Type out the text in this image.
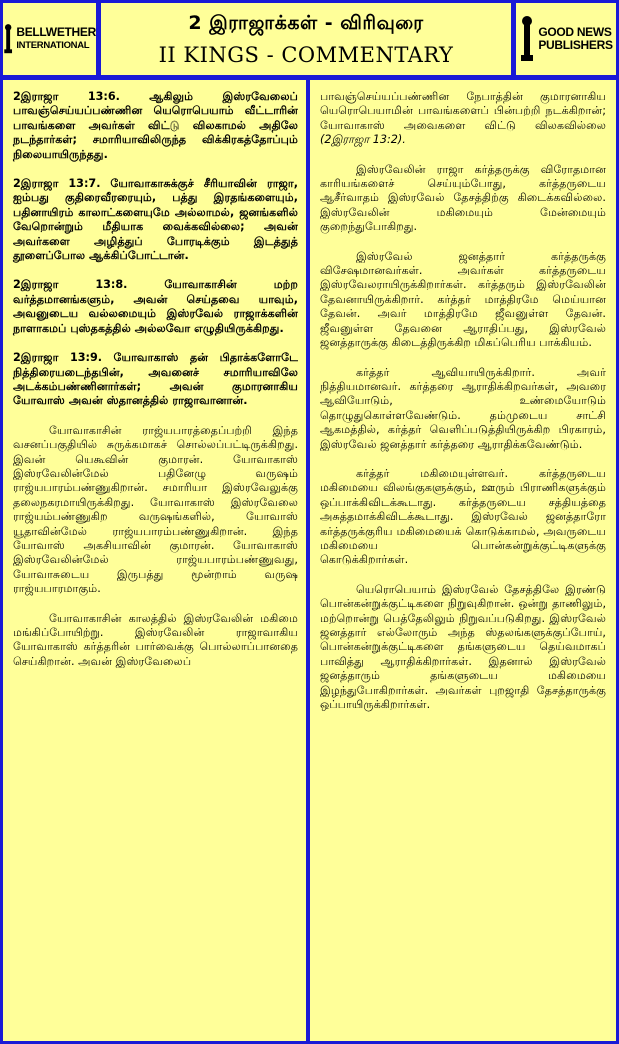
BELLWETHER
INTERNATIONAL
2 இராஜாக்கள் - விரிவுரை
II KINGS - COMMENTARY
GOOD NEWS
PUBLISHERS

2இராஜா 13:6. ஆகிலும் இஸ்ரவேலைப் பாவஞ்செய்யப்பண்ணின யெரொபெயாம் வீட்டாரின் பாவங்களை அவர்கள் விட்டு விலகாமல் அதிலே நடந்தார்கள்; சமாரியாவிலிருந்த விக்கிரகத்தோப்பும் நிலையாயிருந்தது.

2இராஜா 13:7. யோவாகாசுக்குச் சீரியாவின் ராஜா, ஐம்பது குதிரைவீரரையும், பத்து இரதங்களையும், பதினாயிரம் காலாட்களையுமே அல்லாமல், ஜனங்களில் வேறொன்றும் மீதியாக வைக்கவில்லை; அவன் அவர்களை அழித்துப் போரடிக்கும் இடத்துத் தூளைப்போல ஆக்கிப்போட்டான்.

2இராஜா 13:8. யோவாகாசின் மற்ற வர்த்தமானங்களும், அவன் செய்தவை யாவும், அவனுடைய வல்லமையும் இஸ்ரவேல் ராஜாக்களின் நாளாகமப் புஸ்தகத்தில் அல்லவோ எழுதியிருக்கிறது.

2இராஜா 13:9. யோவாகாஸ் தன் பிதாக்களோடே நித்திரையடைந்தபின், அவனைச் சமாரியாவிலே அடக்கம்பண்ணினார்கள்; அவன் குமாரனாகிய யோவாஸ் அவன் ஸ்தானத்தில் ராஜாவானான்.

யோவாகாசின் ராஜ்யபாரத்தைப்பற்றி இந்த வசனப்பகுதியில் சுருக்கமாகச் சொல்லப்பட்டிருக்கிறது. இவன் யெகூவின் குமாரன். யோவாகாஸ் இஸ்ரவேலின்மேல் பதினேழு வருஷம் ராஜ்யபாரம்பண்ணுகிறான். சமாரியா இஸ்ரவேலுக்கு தலைநகரமாயிருக்கிறது. யோவாகாஸ் இஸ்ரவேலை ராஜ்யம்பண்ணுகிற வருஷங்களில், யோவாஸ் யூதாவின்மேல் ராஜ்யபாரம்பண்ணுகிறான். இந்த யோவாஸ் அகசியாவின் குமாரன். யோவாகாஸ் இஸ்ரவேலின்மேல் ராஜ்யபாரம்பண்ணுவது, யோவாசுடைய இருபத்து மூன்றாம் வருஷ ராஜ்யபாரமாகும்.

யோவாகாசின் காலத்தில் இஸ்ரவேலின் மகிமை மங்கிப்போயிற்று. இஸ்ரவேலின் ராஜாவாகிய யோவாகாஸ் கர்த்தரின் பார்வைக்கு பொல்லாப்பானதை செய்கிறான். அவன் இஸ்ரவேலைப்

பாவஞ்செய்யப்பண்ணின நேபாத்தின் குமாரனாகிய யெரொபெயாமின் பாவங்களைப் பின்பற்றி நடக்கிறான்; யோவாகாஸ் அவைகளை விட்டு விலகவில்லை (2இராஜா 13:2).

இஸ்ரவேலின் ராஜா கர்த்தருக்கு விரோதமான காரியங்களைச் செய்யும்போது, கர்த்தருடைய ஆசீர்வாதம் இஸ்ரவேல் தேசத்திற்கு கிடைக்கவில்லை. இஸ்ரவேலின் மகிமையும் மேன்மையும் குறைந்துபோகிறது.

இஸ்ரவேல் ஜனத்தார் கர்த்தருக்கு விசேஷமானவர்கள். அவர்கள் கர்த்தருடைய இஸ்ரவேலராயிருக்கிறார்கள். கர்த்தரும் இஸ்ரவேலின் தேவனாயிருக்கிறார். கர்த்தர் மாத்திரமே மெய்யான தேவன். அவர் மாத்திரமே ஜீவனுள்ள தேவன். ஜீவனுள்ள தேவனை ஆராதிப்பது, இஸ்ரவேல் ஜனத்தாருக்கு கிடைத்திருக்கிற மிகப்பெரிய பாக்கியம்.

கர்த்தர் ஆவியாயிருக்கிறார். அவர் நித்தியமானவர். கர்த்தரை ஆராதிக்கிறவர்கள், அவரை ஆவியோடும், உண்மையோடும் தொழுதுகொள்ளவேண்டும். தம்முடைய சாட்சி ஆகமத்தில், கர்த்தர் வெளிப்படுத்தியிருக்கிற பிரகாரம், இஸ்ரவேல் ஜனத்தார் கர்த்தரை ஆராதிக்கவேண்டும்.

கர்த்தர் மகிமையுள்ளவர். கர்த்தருடைய மகிமையை விலங்குகளுக்கும், ஊரும் பிராணிகளுக்கும் ஒப்பாக்கிவிடக்கூடாது. கர்த்தருடைய சத்தியத்தை அசுத்தமாக்கிவிடக்கூடாது. இஸ்ரவேல் ஜனத்தாரோ கர்த்தருக்குரிய மகிமையைக் கொடுக்காமல், அவருடைய மகிமையை பொன்கன்றுக்குட்டிகளுக்கு கொடுக்கிறார்கள்.

யெரொபெயாம் இஸ்ரவேல் தேசத்திலே இரண்டு பொன்கன்றுக்குட்டிகளை நிறுவுகிறான். ஒன்று தாணிலும், மற்றொன்று பெத்தேலிலும் நிறுவப்படுகிறது. இஸ்ரவேல் ஜனத்தார் எல்லோரும் அந்த ஸ்தலங்களுக்குப்போய், பொன்கன்றுக்குட்டிகளை தங்களுடைய தெய்வமாகப் பாவித்து ஆராதிக்கிறார்கள். இதனால் இஸ்ரவேல் ஜனத்தாரும் தங்களுடைய மகிமையை இழந்துபோகிறார்கள். அவர்கள் புறஜாதி தேசத்தாருக்கு ஒப்பாயிருக்கிறார்கள்.
